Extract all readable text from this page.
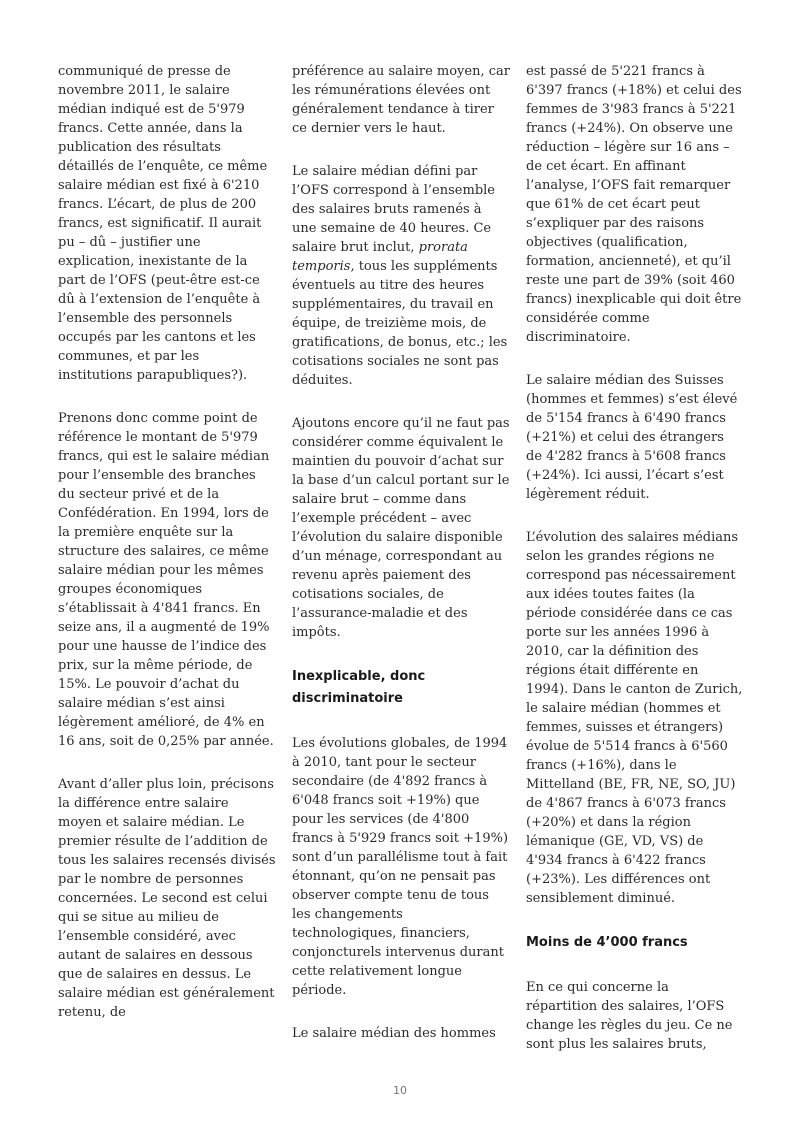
communiqué de presse de novembre 2011, le salaire médian indiqué est de 5'979 francs. Cette année, dans la publication des résultats détaillés de l’enquête, ce même salaire médian est fixé à 6'210 francs. L’écart, de plus de 200 francs, est significatif. Il aurait pu – dû – justifier une explication, inexistante de la part de l’OFS (peut-être est-ce dû à l’extension de l’enquête à l’ensemble des personnels occupés par les cantons et les communes, et par les institutions parapubliques?).

Prenons donc comme point de référence le montant de 5'979 francs, qui est le salaire médian pour l’ensemble des branches du secteur privé et de la Confédération. En 1994, lors de la première enquête sur la structure des salaires, ce même salaire médian pour les mêmes groupes économiques s’établissait à 4'841 francs. En seize ans, il a augmenté de 19% pour une hausse de l’indice des prix, sur la même période, de 15%. Le pouvoir d’achat du salaire médian s’est ainsi légèrement amélioré, de 4% en 16 ans, soit de 0,25% par année.

Avant d’aller plus loin, précisons la différence entre salaire moyen et salaire médian. Le premier résulte de l’addition de tous les salaires recensés divisés par le nombre de personnes concernées. Le second est celui qui se situe au milieu de l’ensemble considéré, avec autant de salaires en dessous que de salaires en dessus. Le salaire médian est généralement retenu, de

préférence au salaire moyen, car les rémunérations élevées ont généralement tendance à tirer ce dernier vers le haut.

Le salaire médian défini par l’OFS correspond à l’ensemble des salaires bruts ramenés à une semaine de 40 heures. Ce salaire brut inclut, prorata temporis, tous les suppléments éventuels au titre des heures supplémentaires, du travail en équipe, de treizième mois, de gratifications, de bonus, etc.; les cotisations sociales ne sont pas déduites.

Ajoutons encore qu’il ne faut pas considérer comme équivalent le maintien du pouvoir d’achat sur la base d’un calcul portant sur le salaire brut – comme dans l’exemple précédent – avec l’évolution du salaire disponible d’un ménage, correspondant au revenu après paiement des cotisations sociales, de l’assurance-maladie et des impôts.

Inexplicable, donc discriminatoire

Les évolutions globales, de 1994 à 2010, tant pour le secteur secondaire (de 4'892 francs à 6'048 francs soit +19%) que pour les services (de 4'800 francs à 5'929 francs soit +19%) sont d’un parallélisme tout à fait étonnant, qu’on ne pensait pas observer compte tenu de tous les changements technologiques, financiers, conjoncturels intervenus durant cette relativement longue période.

Le salaire médian des hommes

est passé de 5'221 francs à 6'397 francs (+18%) et celui des femmes de 3'983 francs à 5'221 francs (+24%). On observe une réduction – légère sur 16 ans – de cet écart. En affinant l’analyse, l’OFS fait remarquer que 61% de cet écart peut s’expliquer par des raisons objectives (qualification, formation, ancienneté), et qu’il reste une part de 39% (soit 460 francs) inexplicable qui doit être considérée comme discriminatoire.

Le salaire médian des Suisses (hommes et femmes) s’est élevé de 5'154 francs à 6'490 francs (+21%) et celui des étrangers de 4'282 francs à 5'608 francs (+24%). Ici aussi, l’écart s’est légèrement réduit.

L’évolution des salaires médians selon les grandes régions ne correspond pas nécessairement aux idées toutes faites (la période considérée dans ce cas porte sur les années 1996 à 2010, car la définition des régions était différente en 1994). Dans le canton de Zurich, le salaire médian (hommes et femmes, suisses et étrangers) évolue de 5'514 francs à 6'560 francs (+16%), dans le Mittelland (BE, FR, NE, SO, JU) de 4'867 francs à 6'073 francs (+20%) et dans la région lémanique (GE, VD, VS) de 4'934 francs à 6'422 francs (+23%). Les différences ont sensiblement diminué.

Moins de 4’000 francs

En ce qui concerne la répartition des salaires, l’OFS change les règles du jeu. Ce ne sont plus les salaires bruts,

10
